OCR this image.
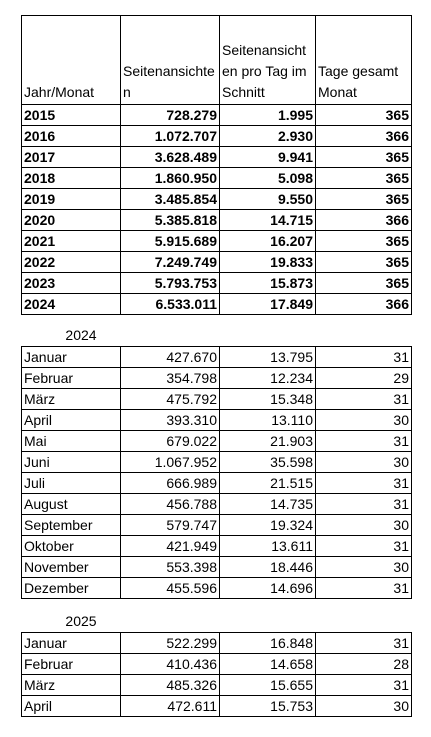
Jahr/Monat	Seitenansichten	Seitenansichten pro Tag im Schnitt	Tage gesamt Monat
2015	728.279	1.995	365
2016	1.072.707	2.930	366
2017	3.628.489	9.941	365
2018	1.860.950	5.098	365
2019	3.485.854	9.550	365
2020	5.385.818	14.715	366
2021	5.915.689	16.207	365
2022	7.249.749	19.833	365
2023	5.793.753	15.873	365
2024	6.533.011	17.849	366
2024
Januar	427.670	13.795	31
Februar	354.798	12.234	29
März	475.792	15.348	31
April	393.310	13.110	30
Mai	679.022	21.903	31
Juni	1.067.952	35.598	30
Juli	666.989	21.515	31
August	456.788	14.735	31
September	579.747	19.324	30
Oktober	421.949	13.611	31
November	553.398	18.446	30
Dezember	455.596	14.696	31
2025
Januar	522.299	16.848	31
Februar	410.436	14.658	28
März	485.326	15.655	31
April	472.611	15.753	30
